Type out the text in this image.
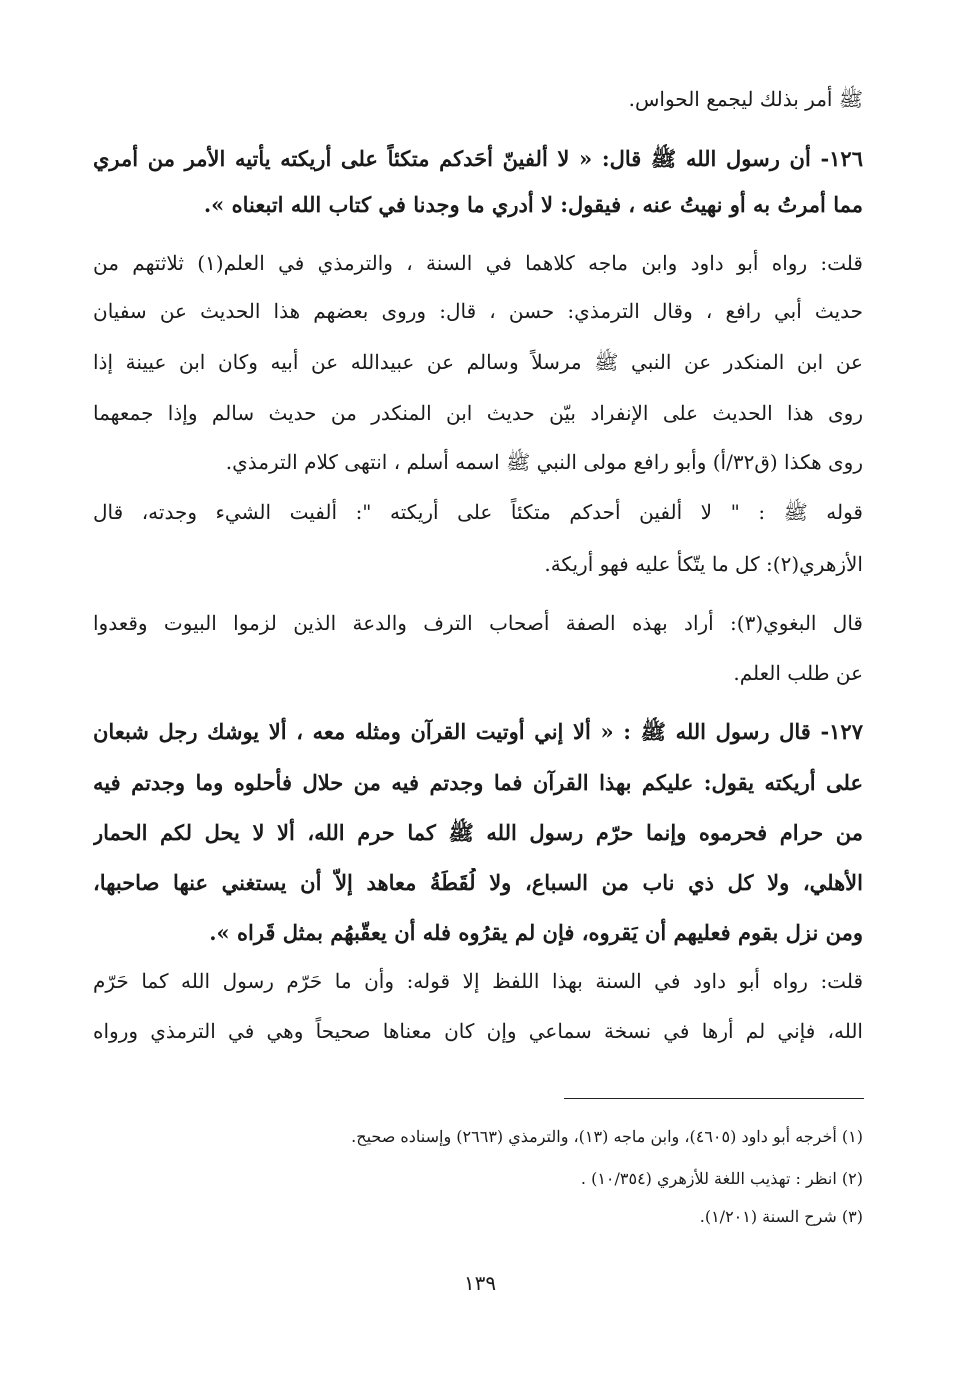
ﷺ أمر بذلك ليجمع الحواس.
١٢٦- أن رسول الله ﷺ قال: « لا ألفينّ أحَدكم متكئاً على أريكته يأتيه الأمر من أمري
مما أمرتُ به أو نهيتُ عنه ، فيقول: لا أدري ما وجدنا في كتاب الله اتبعناه ».
قلت: رواه أبو داود وابن ماجه كلاهما في السنة ، والترمذي في العلم(١) ثلاثتهم من
حديث أبي رافع ، وقال الترمذي: حسن ، قال: وروى بعضهم هذا الحديث عن سفيان
عن ابن المنكدر عن النبي ﷺ مرسلاً وسالم عن عبيدالله عن أبيه وكان ابن عيينة إذا
روى هذا الحديث على الإنفراد بيّن حديث ابن المنكدر من حديث سالم وإذا جمعهما
روى هكذا (ق٣٢/أ) وأبو رافع مولى النبي ﷺ اسمه أسلم ، انتهى كلام الترمذي.
قوله ﷺ : " لا ألفين أحدكم متكئاً على أريكته ": ألفيت الشيء وجدته، قال
الأزهري(٢): كل ما يتّكأ عليه فهو أريكة.
قال البغوي(٣): أراد بهذه الصفة أصحاب الترف والدعة الذين لزموا البيوت وقعدوا
عن طلب العلم.
١٢٧- قال رسول الله ﷺ : « ألا إني أوتيت القرآن ومثله معه ، ألا يوشك رجل شبعان
على أريكته يقول: عليكم بهذا القرآن فما وجدتم فيه من حلال فأحلوه وما وجدتم فيه
من حرام فحرموه وإنما حرّم رسول الله ﷺ كما حرم الله، ألا لا يحل لكم الحمار
الأهلي، ولا كل ذي ناب من السباع، ولا لُقَطَةُ معاهد إلاّ أن يستغني عنها صاحبها،
ومن نزل بقوم فعليهم أن يَقروه، فإن لم يقرُوه فله أن يعقّبهُم بمثل قَراه ».
قلت: رواه أبو داود في السنة بهذا اللفظ إلا قوله: وأن ما حَرّم رسول الله كما حَرّم
الله، فإني لم أرها في نسخة سماعي وإن كان معناها صحيحاً وهي في الترمذي ورواه
(١) أخرجه أبو داود (٤٦٠٥)، وابن ماجه (١٣)، والترمذي (٢٦٦٣) وإسناده صحيح.
(٢) انظر : تهذيب اللغة للأزهري (١٠/٣٥٤) .
(٣) شرح السنة (١/٢٠١).
١٣٩
